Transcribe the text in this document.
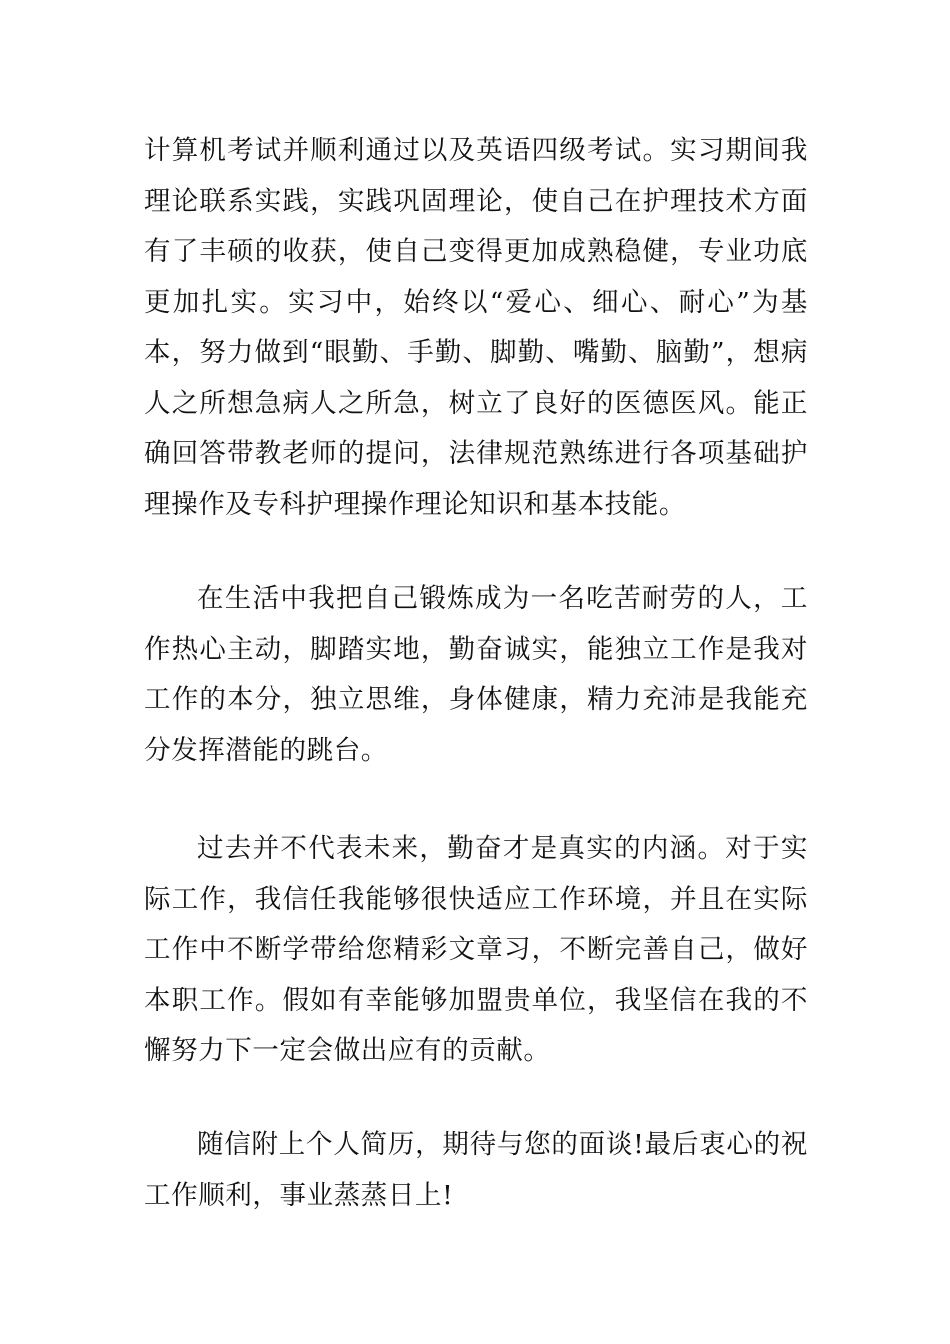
计算机考试并顺利通过以及英语四级考试。实习期间我理论联系实践，实践巩固理论，使自己在护理技术方面有了丰硕的收获，使自己变得更加成熟稳健，专业功底更加扎实。实习中，始终以“爱心、细心、耐心”为基本，努力做到“眼勤、手勤、脚勤、嘴勤、脑勤”，想病人之所想急病人之所急，树立了良好的医德医风。能正确回答带教老师的提问，法律规范熟练进行各项基础护理操作及专科护理操作理论知识和基本技能。

在生活中我把自己锻炼成为一名吃苦耐劳的人，工作热心主动，脚踏实地，勤奋诚实，能独立工作是我对工作的本分，独立思维，身体健康，精力充沛是我能充分发挥潜能的跳台。

过去并不代表未来，勤奋才是真实的内涵。对于实际工作，我信任我能够很快适应工作环境，并且在实际工作中不断学带给您精彩文章习，不断完善自己，做好本职工作。假如有幸能够加盟贵单位，我坚信在我的不懈努力下一定会做出应有的贡献。

随信附上个人简历，期待与您的面谈!最后衷心的祝工作顺利，事业蒸蒸日上!
